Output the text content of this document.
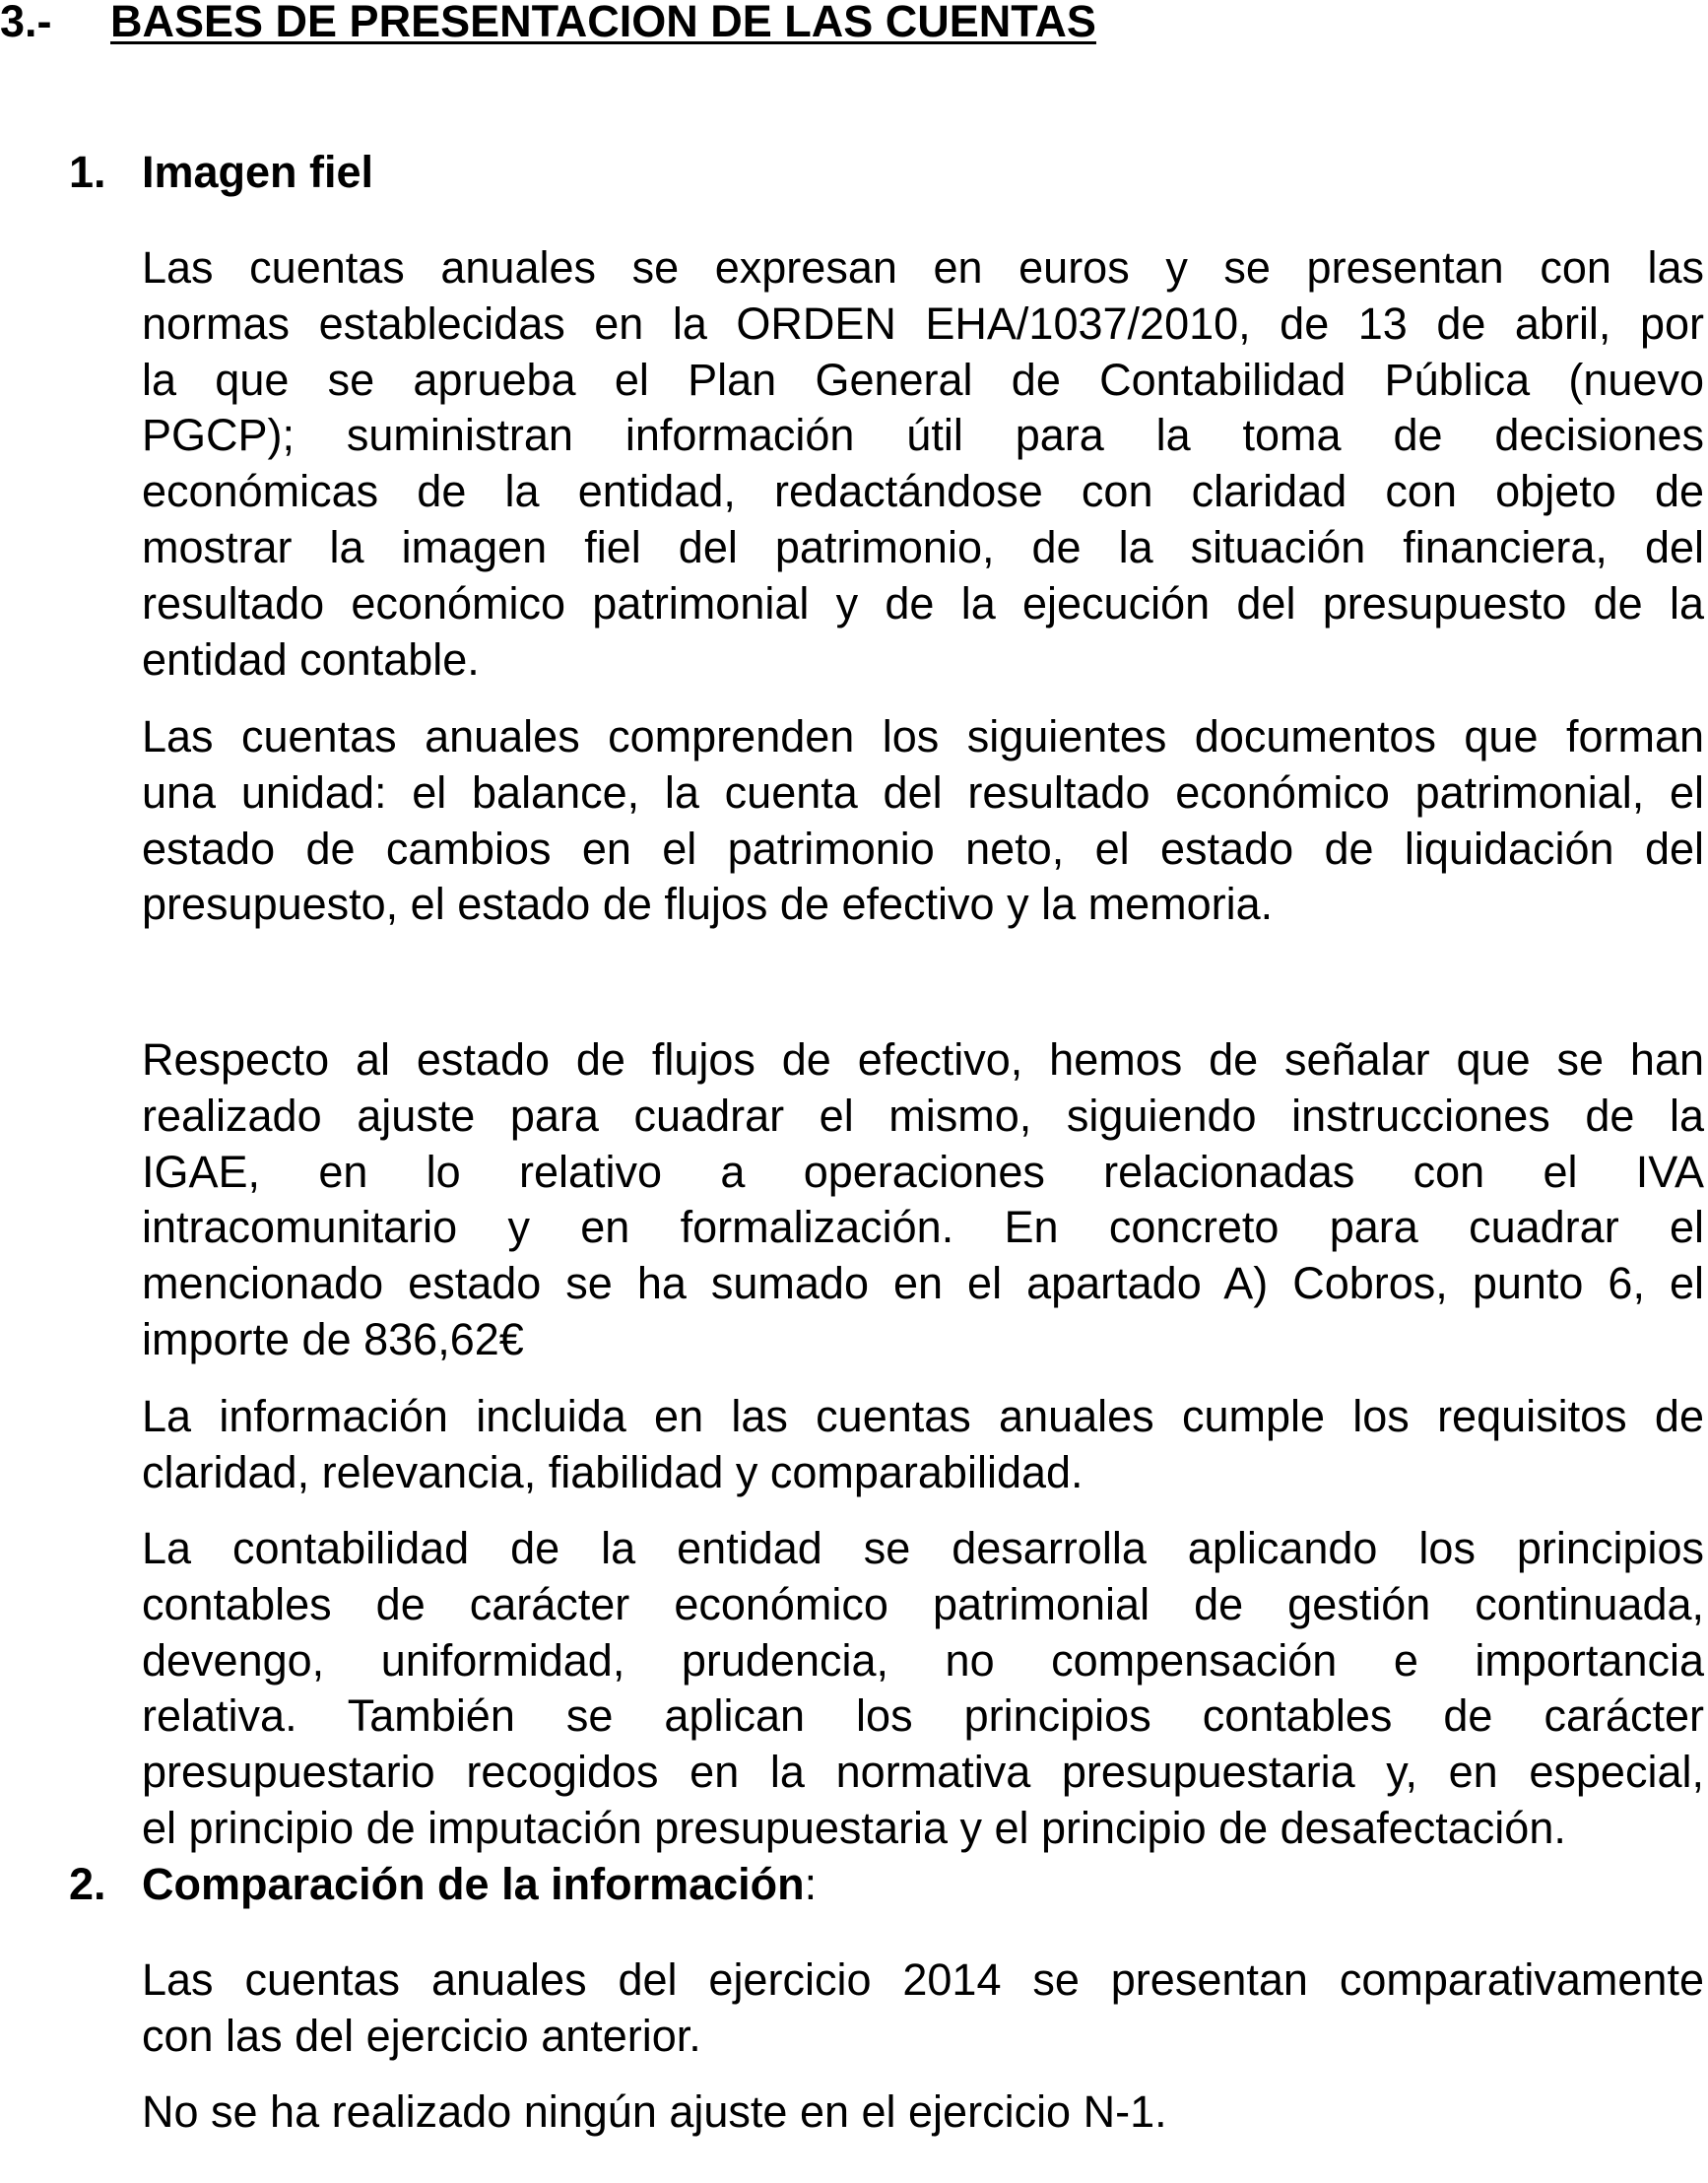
3.- BASES DE PRESENTACION DE LAS CUENTAS
1. Imagen fiel

Las cuentas anuales se expresan en euros y se presentan con las
normas establecidas en la ORDEN EHA/1037/2010, de 13 de abril, por
la que se aprueba el Plan General de Contabilidad Pública (nuevo
PGCP); suministran información útil para la toma de decisiones
económicas de la entidad, redactándose con claridad con objeto de
mostrar la imagen fiel del patrimonio, de la situación financiera, del
resultado económico patrimonial y de la ejecución del presupuesto de la
entidad contable.

Las cuentas anuales comprenden los siguientes documentos que forman
una unidad: el balance, la cuenta del resultado económico patrimonial, el
estado de cambios en el patrimonio neto, el estado de liquidación del
presupuesto, el estado de flujos de efectivo y la memoria.

Respecto al estado de flujos de efectivo, hemos de señalar que se han
realizado ajuste para cuadrar el mismo, siguiendo instrucciones de la
IGAE, en lo relativo a operaciones relacionadas con el IVA
intracomunitario y en formalización. En concreto para cuadrar el
mencionado estado se ha sumado en el apartado A) Cobros, punto 6, el
importe de 836,62€

La información incluida en las cuentas anuales cumple los requisitos de
claridad, relevancia, fiabilidad y comparabilidad.

La contabilidad de la entidad se desarrolla aplicando los principios
contables de carácter económico patrimonial de gestión continuada,
devengo, uniformidad, prudencia, no compensación e importancia
relativa. También se aplican los principios contables de carácter
presupuestario recogidos en la normativa presupuestaria y, en especial,
el principio de imputación presupuestaria y el principio de desafectación.

2. Comparación de la información:

Las cuentas anuales del ejercicio 2014 se presentan comparativamente
con las del ejercicio anterior.

No se ha realizado ningún ajuste en el ejercicio N-1.
